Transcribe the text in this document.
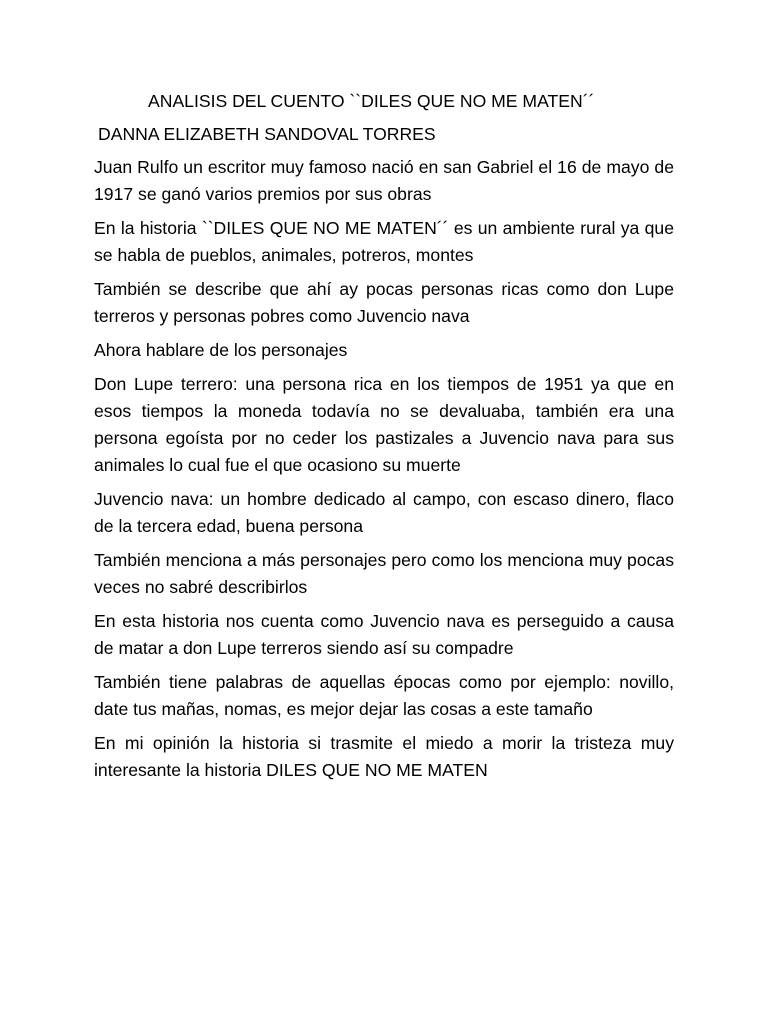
ANALISIS DEL CUENTO ``DILES QUE NO ME MATEN´´
DANNA ELIZABETH SANDOVAL TORRES

Juan Rulfo un escritor muy famoso nació en san Gabriel el 16 de mayo de 1917 se ganó varios premios por sus obras

En la historia ``DILES QUE NO ME MATEN´´ es un ambiente rural ya que se habla de pueblos, animales, potreros, montes

También se describe que ahí ay pocas personas ricas como don Lupe terreros y personas pobres como Juvencio nava

Ahora hablare de los personajes

Don Lupe terrero: una persona rica en los tiempos de 1951 ya que en esos tiempos la moneda todavía no se devaluaba, también era una persona egoísta por no ceder los pastizales a Juvencio nava para sus animales lo cual fue el que ocasiono su muerte

Juvencio nava: un hombre dedicado al campo, con escaso dinero, flaco de la tercera edad, buena persona

También menciona a más personajes pero como los menciona muy pocas veces no sabré describirlos

En esta historia nos cuenta como Juvencio nava es perseguido a causa de matar a don Lupe terreros siendo así su compadre

También tiene palabras de aquellas épocas como por ejemplo: novillo, date tus mañas, nomas, es mejor dejar las cosas a este tamaño

En mi opinión la historia si trasmite el miedo a morir la tristeza muy interesante la historia DILES QUE NO ME MATEN
